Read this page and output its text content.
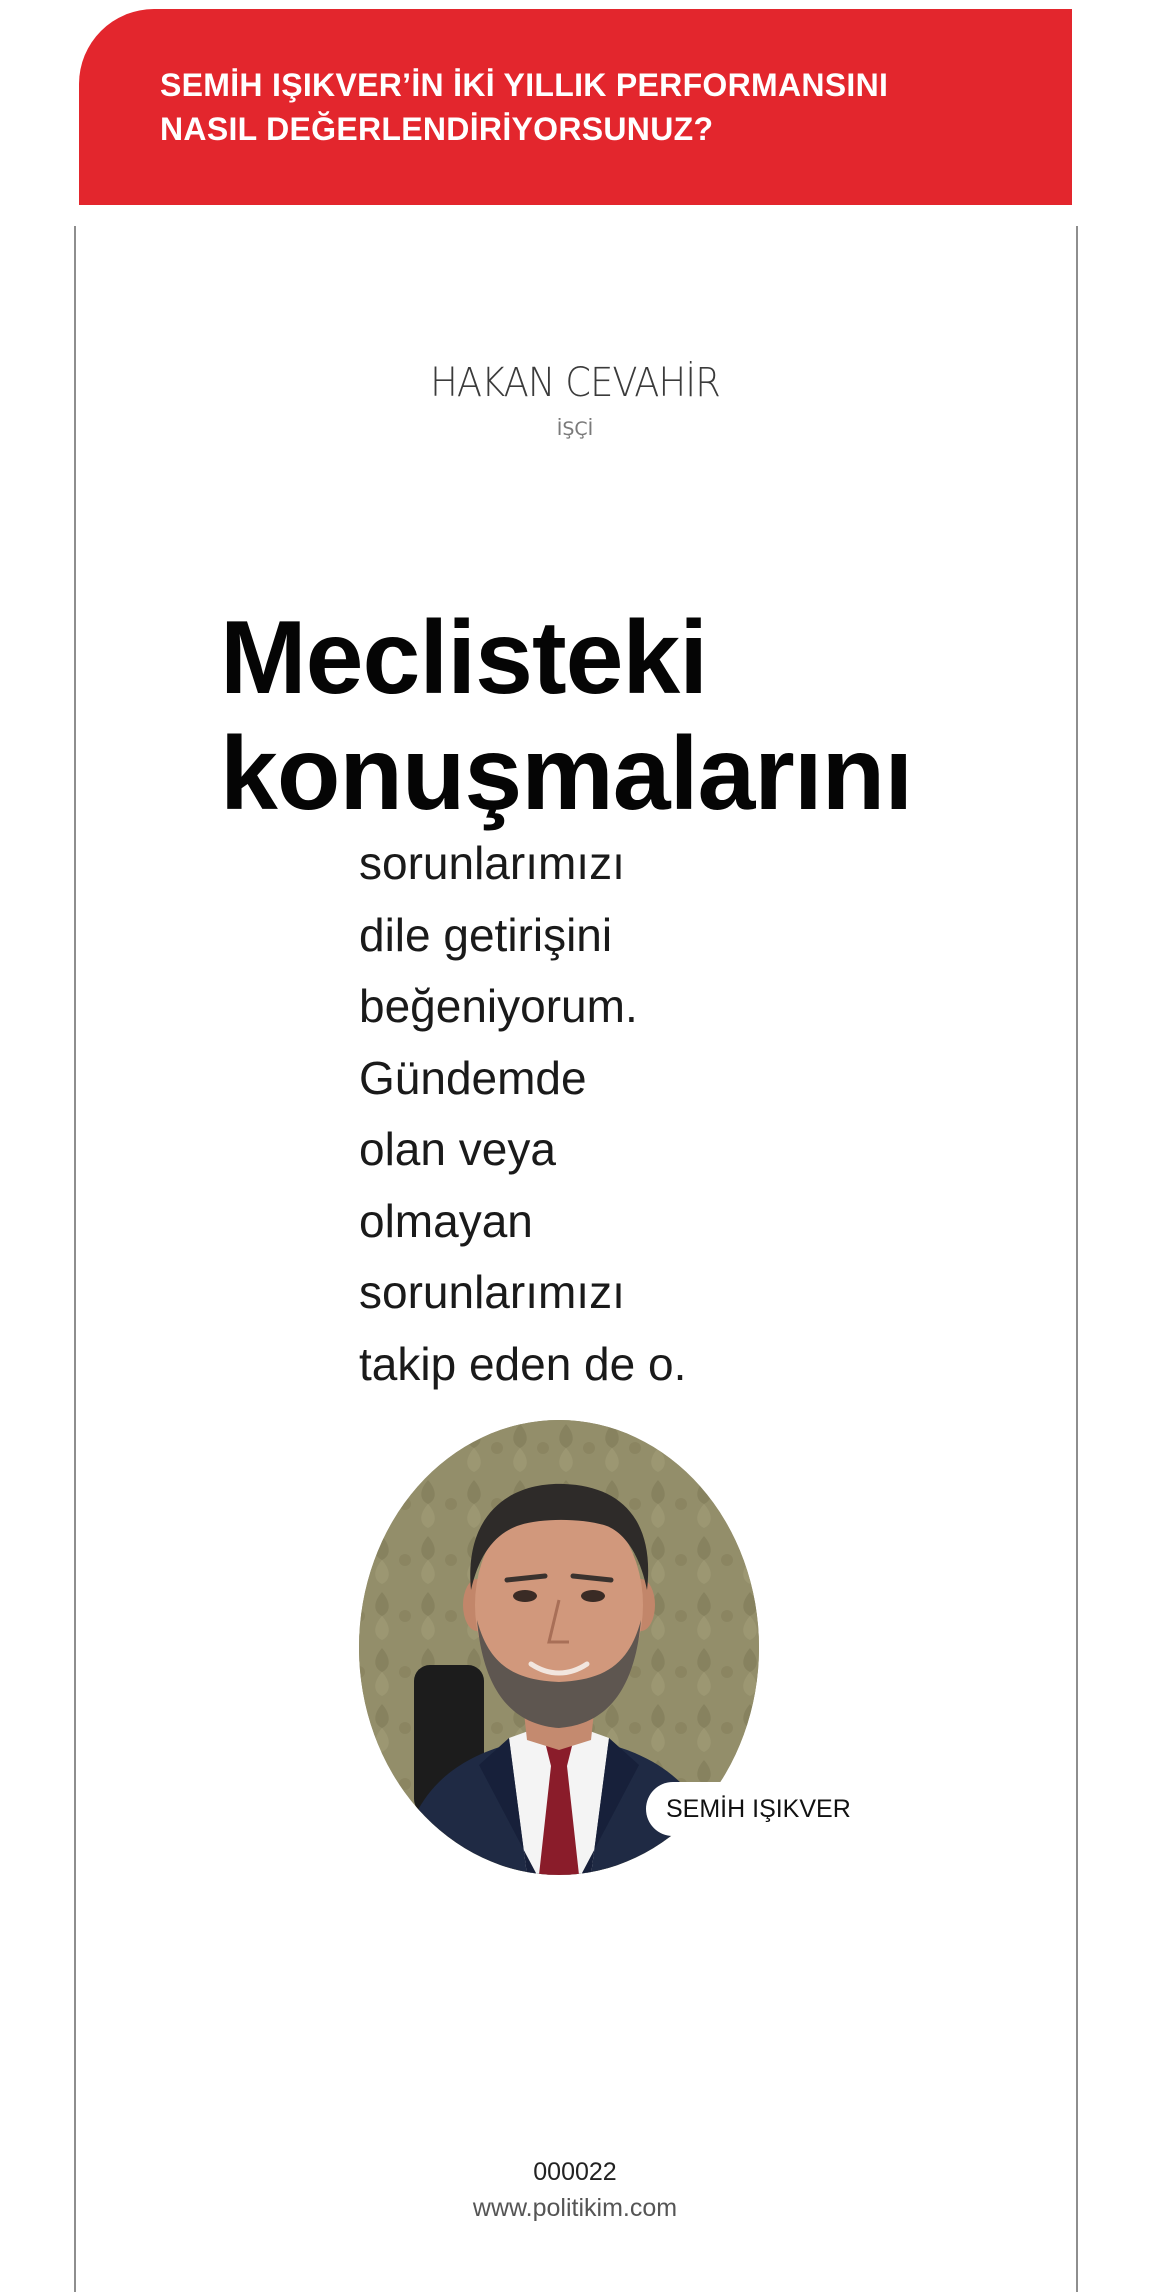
SEMİH IŞIKVER’İN İKİ YILLIK PERFORMANSINI
NASIL DEĞERLENDİRİYORSUNUZ?
HAKAN CEVAHİR
İŞÇİ
Meclisteki
konuşmalarını
sorunlarımızı
dile getirişini
beğeniyorum.
Gündemde
olan veya
olmayan
sorunlarımızı
takip eden de o.
SEMİH IŞIKVER
000022
www.politikim.com
